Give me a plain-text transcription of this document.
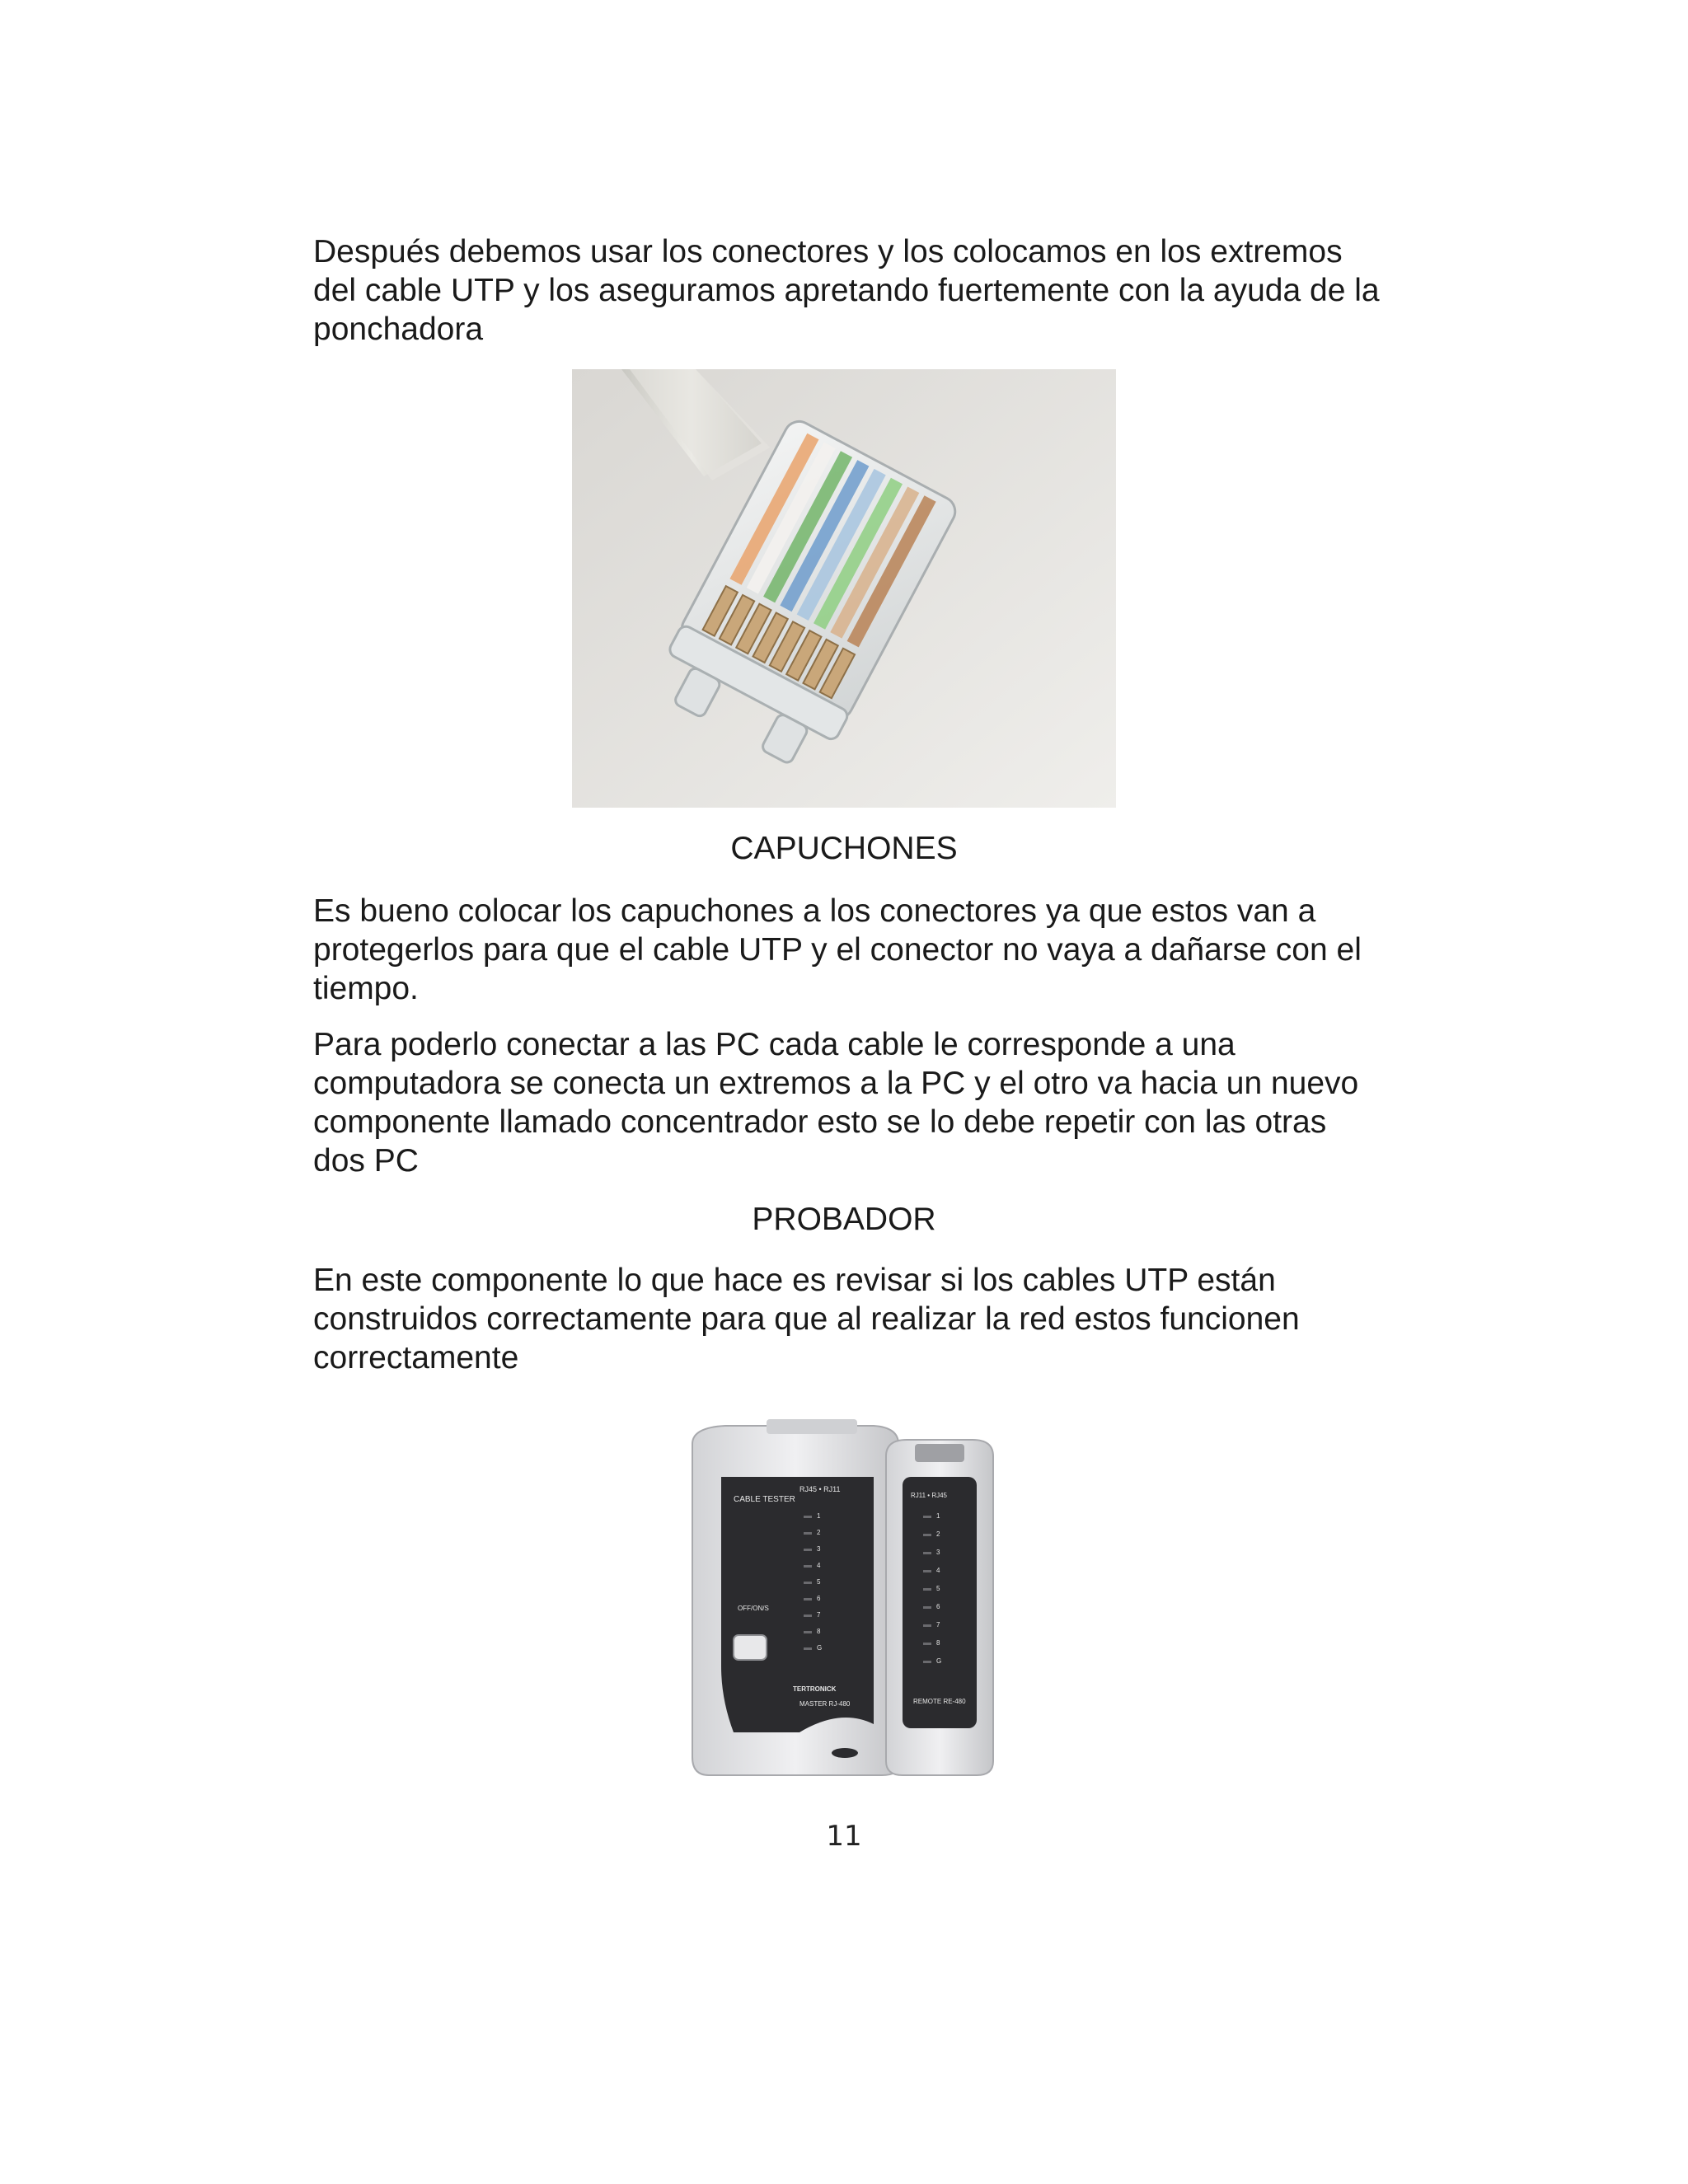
Después debemos usar los conectores y los colocamos en los extremos del cable UTP y los aseguramos apretando fuertemente con la ayuda de la ponchadora
CAPUCHONES
Es bueno colocar los capuchones a los conectores ya que estos van a protegerlos para que el cable UTP y el conector no vaya a dañarse con el tiempo.
Para poderlo conectar a las PC cada cable le corresponde a una computadora se conecta un extremos a la PC y el otro va hacia un nuevo componente llamado concentrador esto se lo debe repetir con las otras dos PC
PROBADOR
En este componente lo que hace es revisar si los cables UTP están construidos correctamente para que al realizar la red estos funcionen correctamente
CABLE TESTER
RJ45 • RJ11
OFF/ON/S
1
2
3
4
5
6
7
8
G
TERTRONICK
MASTER RJ-480
RJ11 • RJ45
1
2
3
4
5
6
7
8
G
REMOTE RE-480
11
